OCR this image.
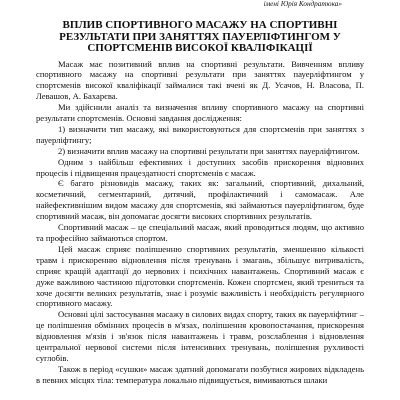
імені Юрія Кондратюка»
ВПЛИВ СПОРТИВНОГО МАСАЖУ НА СПОРТИВНІ
РЕЗУЛЬТАТИ ПРИ ЗАНЯТТЯХ ПАУЕРЛІФТИНГОМ У
СПОРТСМЕНІВ ВИСОКОЇ КВАЛІФІКАЦІЇ

Масаж має позитивний вплив на спортивні результати. Вивченням впливу спортивного масажу на спортивні результати при заняттях пауерліфтингом у спортсменів високої кваліфікації займалися такі вчені як Д. Усачов, Н. Власова, П. Левашов, А. Бахарєва.

Ми здійснили аналіз та визначення впливу спортивного масажу на спортивні результати спортсменів. Основні завдання дослідження:

1) визначити тип масажу, які використовуються для спортсменів при заняттях з пауерліфтингу;

2) визначити вплив масажу на спортивні результати при заняттях пауерліфтингом.

Одним з найбільш ефективних і доступних засобів прискорення відновних процесів і підвищення працездатності спортсменів є масаж.

Є багато різновидів масажу, таких як: загальний, спортивний, дихальний, косметичний, сегментарний, дитячий, профілактичний і самомасаж. Але найефективнішим видом масажу для спортсменів, які займаються пауерліфтингом, буде спортивний масаж, він допомагає досягти високих спортивних результатів.

Спортивний масаж – це спеціальний масаж, який проводиться людям, що активно та професійно займаються спортом.

Цей масаж сприяє поліпшенню спортивних результатів, зменшенню кількості травм і прискоренню відновлення після тренувань і змагань, збільшує витривалість, сприяє кращій адаптації до нервових і психічних навантажень. Спортивний масаж є дуже важливою частиною підготовки спортсменів. Кожен спортсмен, який трениться та хоче досягти великих результатів, знає і розуміє важливість і необхідність регулярного спортивного масажу.

Основні цілі застосування масажу в силових видах спорту, таких як пауерліфтинг – це поліпшення обмінних процесів в м'язах, поліпшення кровопостачання, прискорення відновлення м'язів і зв'язок після навантажень і травм, розслаблення і відновлення центральної нервової системи після інтенсивних тренувань, поліпшення рухливості суглобів.

Також в період «сушки» масаж здатний допомагати позбутися жирових відкладень в певних місцях тіла: температура локально підвищується, вимиваються шлаки
